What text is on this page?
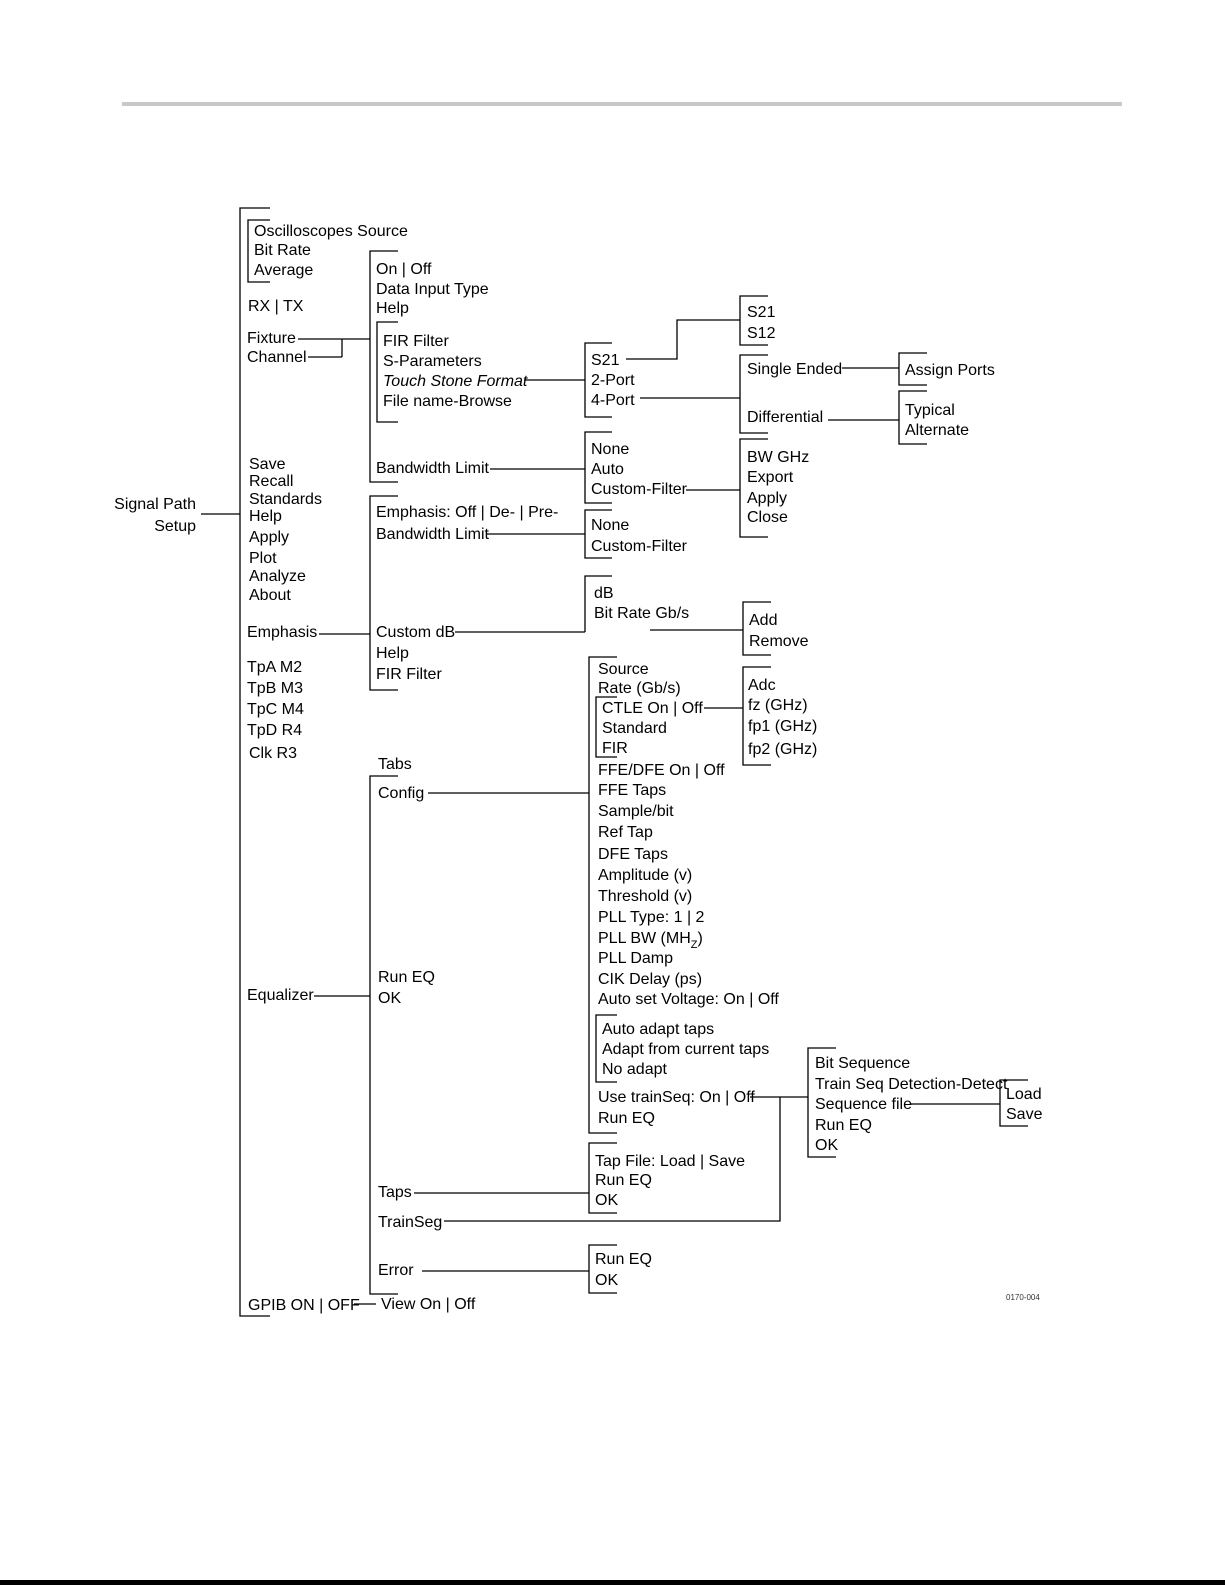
Signal Path
Setup
Oscilloscopes Source
Bit Rate
Average
RX | TX
Fixture
Channel
On | Off
Data Input Type
Help
FIR Filter
S-Parameters
Touch Stone Format
File name-Browse
S21
2-Port
4-Port
S21
S12
Single Ended
Differential
Assign Ports
Typical
Alternate
Bandwidth Limit
None
Auto
Custom-Filter
BW GHz
Export
Apply
Close
Save
Recall
Standards
Help
Apply
Plot
Analyze
About
Emphasis: Off | De- | Pre-
Bandwidth Limit
None
Custom-Filter
Emphasis	Custom dB
Help
FIR Filter
dB
Bit Rate Gb/s	Add
Remove
TpA M2
TpB M3
TpC M4
TpD R4
Clk R3
Equalizer
Tabs
Config
Run EQ
OK
Taps
TrainSeg
Error
Source
Rate (Gb/s)
CTLE On | Off
Standard
FIR
Adc
fz (GHz)
fp1 (GHz)
fp2 (GHz)
FFE/DFE On | Off
FFE Taps
Sample/bit
Ref Tap
DFE Taps
Amplitude (v)
Threshold (v)
PLL Type: 1 | 2
PLL BW $(MH_Z)$
PLL Damp
CIK Delay (ps)
Auto set Voltage: On | Off
Auto adapt taps
Adapt from current taps
No adapt
Use trainSeq: On | Off
Run EQ
Bit Sequence
Train Seq Detection-Detect
Sequence file
Run EQ
OK
Load
Save
Tap File: Load | Save
Run EQ
OK
Run EQ
OK
GPIB ON | OFF View On | Off	0170-004
